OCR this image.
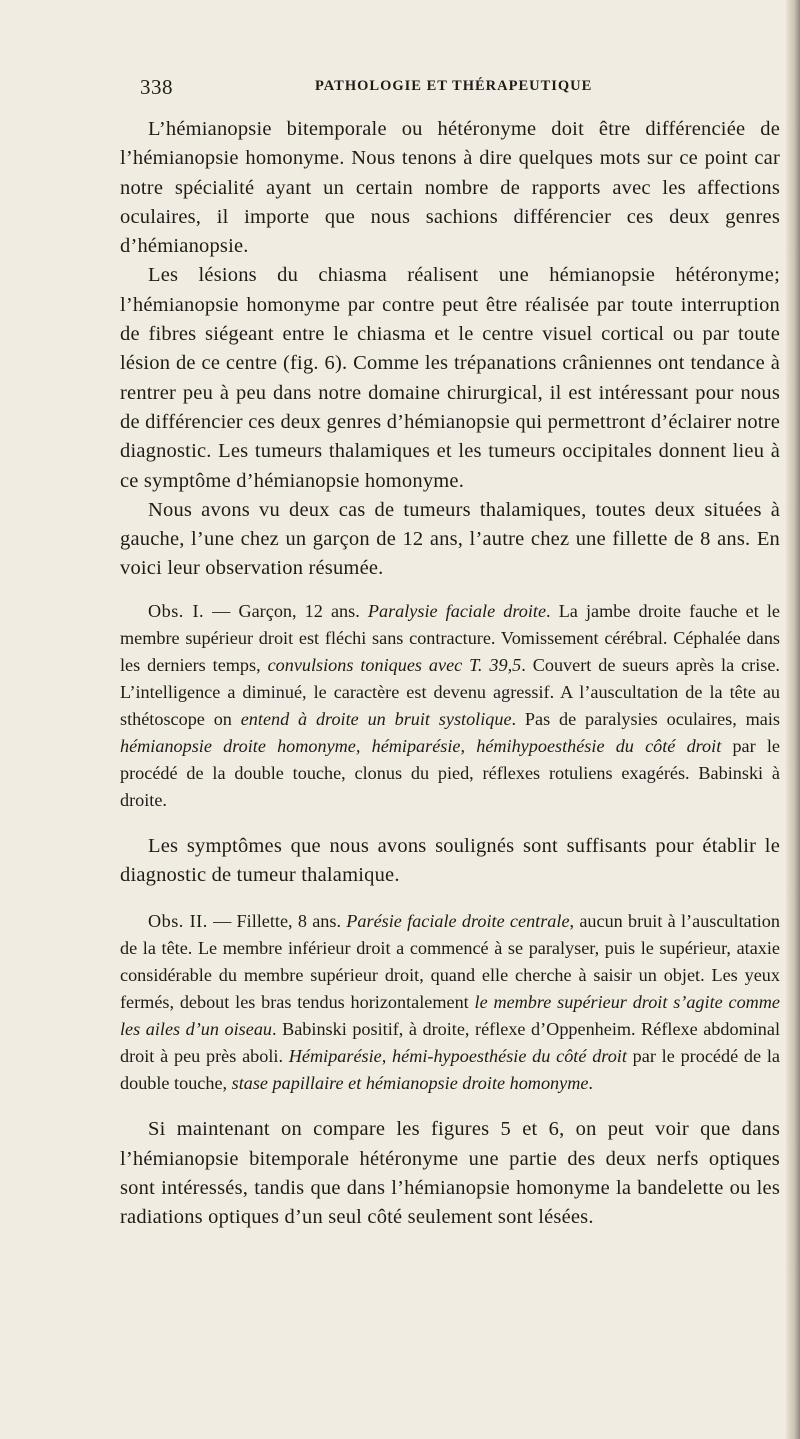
338	PATHOLOGIE ET THÉRAPEUTIQUE

L’hémianopsie bitemporale ou hétéronyme doit être différenciée de l’hémianopsie homonyme. Nous tenons à dire quelques mots sur ce point car notre spécialité ayant un certain nombre de rapports avec les affections oculaires, il importe que nous sachions différencier ces deux genres d’hémianopsie.

Les lésions du chiasma réalisent une hémianopsie hétéronyme; l’hémianopsie homonyme par contre peut être réalisée par toute interruption de fibres siégeant entre le chiasma et le centre visuel cortical ou par toute lésion de ce centre (fig. 6). Comme les trépanations crâniennes ont tendance à rentrer peu à peu dans notre domaine chirurgical, il est intéressant pour nous de différencier ces deux genres d’hémianopsie qui permettront d’éclairer notre diagnostic. Les tumeurs thalamiques et les tumeurs occipitales donnent lieu à ce symptôme d’hémianopsie homonyme.

Nous avons vu deux cas de tumeurs thalamiques, toutes deux situées à gauche, l’une chez un garçon de 12 ans, l’autre chez une fillette de 8 ans. En voici leur observation résumée.

Obs. I. — Garçon, 12 ans. Paralysie faciale droite. La jambe droite fauche et le membre supérieur droit est fléchi sans contracture. Vomissement cérébral. Céphalée dans les derniers temps, convulsions toniques avec T. 39,5. Couvert de sueurs après la crise. L’intelligence a diminué, le caractère est devenu agressif. A l’auscultation de la tête au sthétoscope on entend à droite un bruit systolique. Pas de paralysies oculaires, mais hémianopsie droite homonyme, hémiparésie, hémihypoesthésie du côté droit par le procédé de la double touche, clonus du pied, réflexes rotuliens exagérés. Babinski à droite.

Les symptômes que nous avons soulignés sont suffisants pour établir le diagnostic de tumeur thalamique.

Obs. II. — Fillette, 8 ans. Parésie faciale droite centrale, aucun bruit à l’auscultation de la tête. Le membre inférieur droit a commencé à se paralyser, puis le supérieur, ataxie considérable du membre supérieur droit, quand elle cherche à saisir un objet. Les yeux fermés, debout les bras tendus horizontalement le membre supérieur droit s’agite comme les ailes d’un oiseau. Babinski positif, à droite, réflexe d’Oppenheim. Réflexe abdominal droit à peu près aboli. Hémiparésie, hémi-hypoesthésie du côté droit par le procédé de la double touche, stase papillaire et hémianopsie droite homonyme.

Si maintenant on compare les figures 5 et 6, on peut voir que dans l’hémianopsie bitemporale hétéronyme une partie des deux nerfs optiques sont intéressés, tandis que dans l’hémianopsie homonyme la bandelette ou les radiations optiques d’un seul côté seulement sont lésées.
